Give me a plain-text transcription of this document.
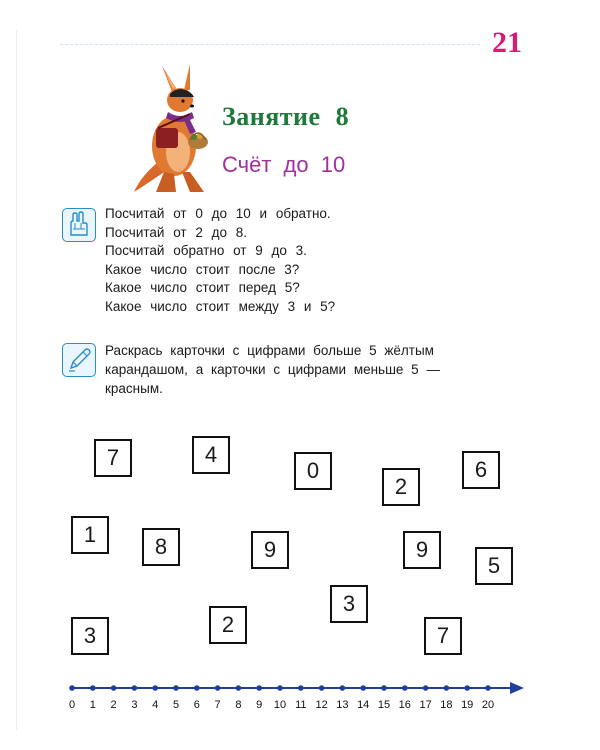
21
Занятие 8
Счёт до 10
Посчитай от 0 до 10 и обратно.
Посчитай от 2 до 8.
Посчитай обратно от 9 до 3.
Какое число стоит после 3?
Какое число стоит перед 5?
Какое число стоит между 3 и 5?
Раскрась карточки с цифрами больше 5 жёлтым
карандашом, а карточки с цифрами меньше 5 —
красным.
7	4
0
2
6
1	8	9	9
5
3
3	2	7
0 1 2 3 4 5 6 7 8 9 10 11 12 13 14 15 16 17 18 19 20
